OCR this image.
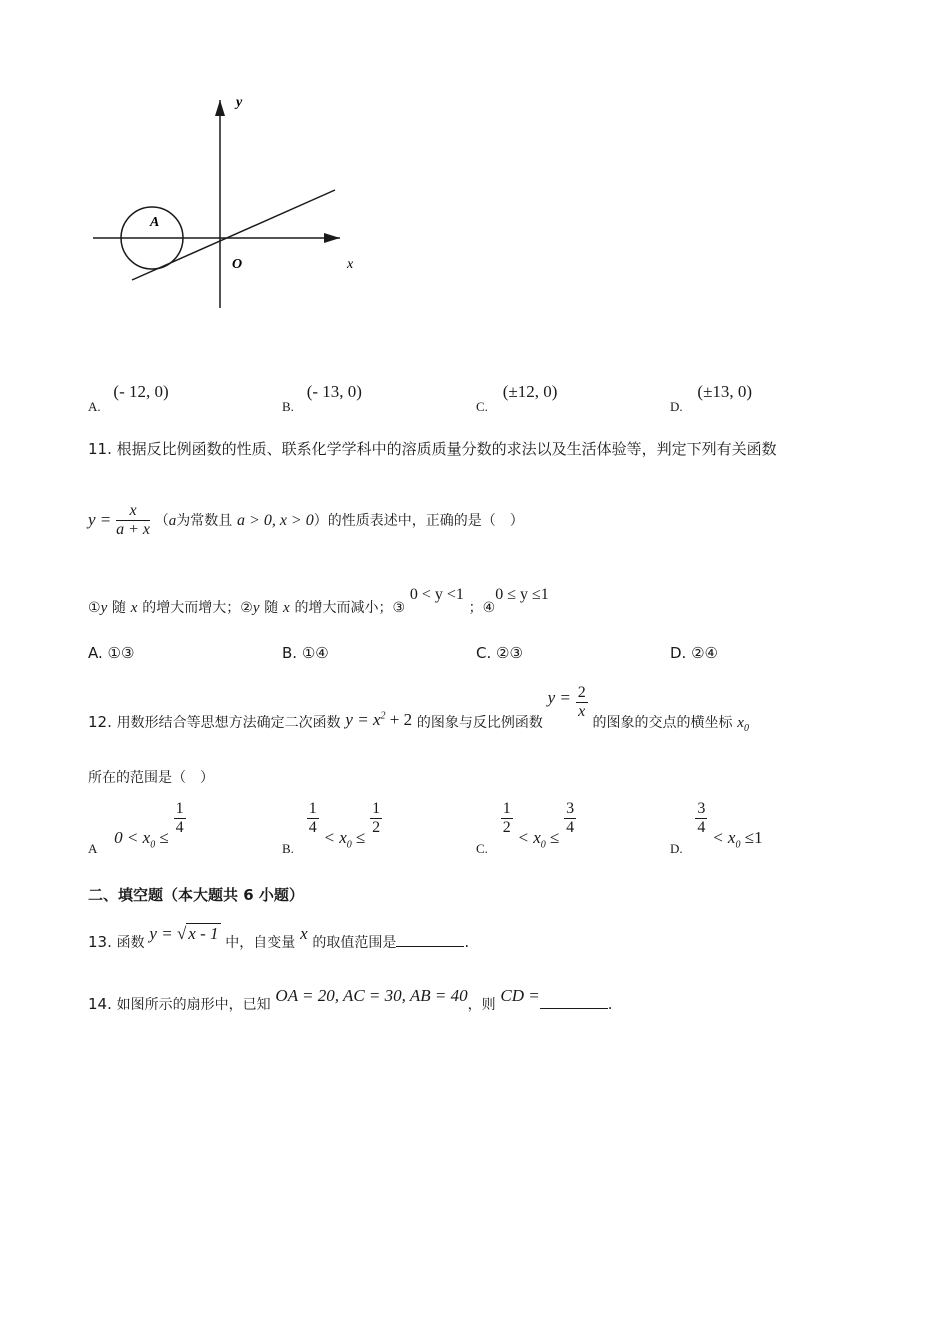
y
x
O
A
A. (- 12, 0)
B. (- 13, 0)
C. (±12, 0)
D. (±13, 0)
11. 根据反比例函数的性质、联系化学学科中的溶质质量分数的求法以及生活体验等，判定下列有关函数
$y = \frac{x}{a + x} (a$为常数且 a > 0, x > 0）的性质表述中，正确的是（　）
①y 随 x 的增大而增大；②y 随 x 的增大而减小；③ 0 < y <1 ；④0 ≤ y ≤1
A. ①③	B. ①④	C. ②③	D. ②④
12. 用数形结合等思想方法确定二次函数 $y = x^2 + 2$ 的图象与反比例函数 $y = \frac{2}{x}$
的图象的交点的横坐标 $x_0$
所在的范围是（　）
A $0 < x_0$ ≤
$\frac{1}{4}$
B.
$\frac{1}{4}$
< $x_0$ ≤
$\frac{1}{2}$
C.
$\frac{1}{2}$
< $x_0$ ≤
$\frac{3}{4}$
D.
$\frac{3}{4}$
< $x_0 \le 1$
二、填空题（本大题共 6 小题）
13. 函数 y = √ x - 1 中，自变量 x 的取值范围是	.
14. 如图所示的扇形中，已知 OA = 20, AC = 30, AB = 40，则 CD =	.
